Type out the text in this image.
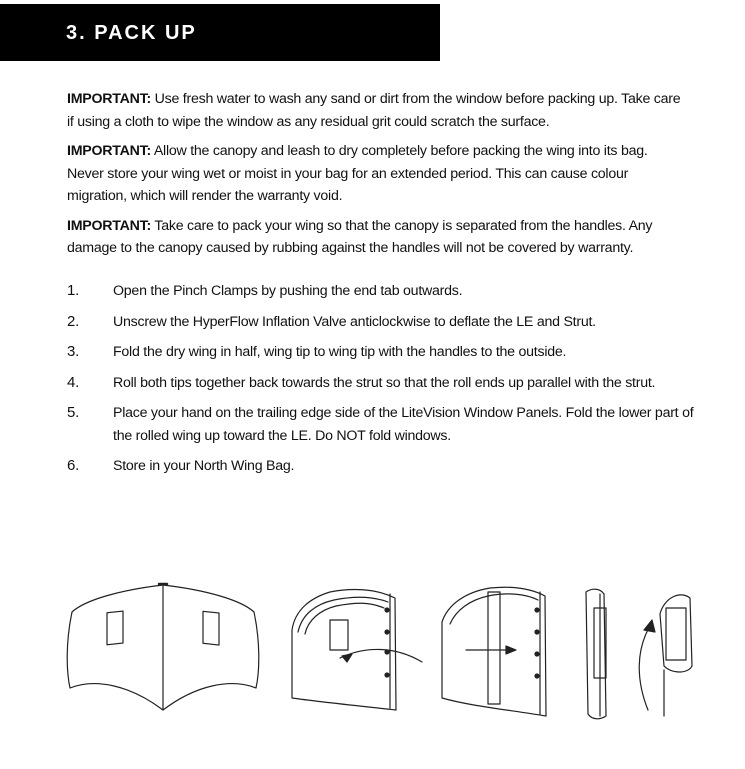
3. PACK UP

IMPORTANT: Use fresh water to wash any sand or dirt from the window before packing up. Take care if using a cloth to wipe the window as any residual grit could scratch the surface.

IMPORTANT: Allow the canopy and leash to dry completely before packing the wing into its bag. Never store your wing wet or moist in your bag for an extended period. This can cause colour migration, which will render the warranty void.

IMPORTANT: Take care to pack your wing so that the canopy is separated from the handles. Any damage to the canopy caused by rubbing against the handles will not be covered by warranty.

1.	Open the Pinch Clamps by pushing the end tab outwards.
2.	Unscrew the HyperFlow Inflation Valve anticlockwise to deflate the LE and Strut.
3.	Fold the dry wing in half, wing tip to wing tip with the handles to the outside.
4.	Roll both tips together back towards the strut so that the roll ends up parallel with the strut.
5.	Place your hand on the trailing edge side of the LiteVision Window Panels. Fold the lower part of the rolled wing up toward the LE. Do NOT fold windows.
6.	Store in your North Wing Bag.
